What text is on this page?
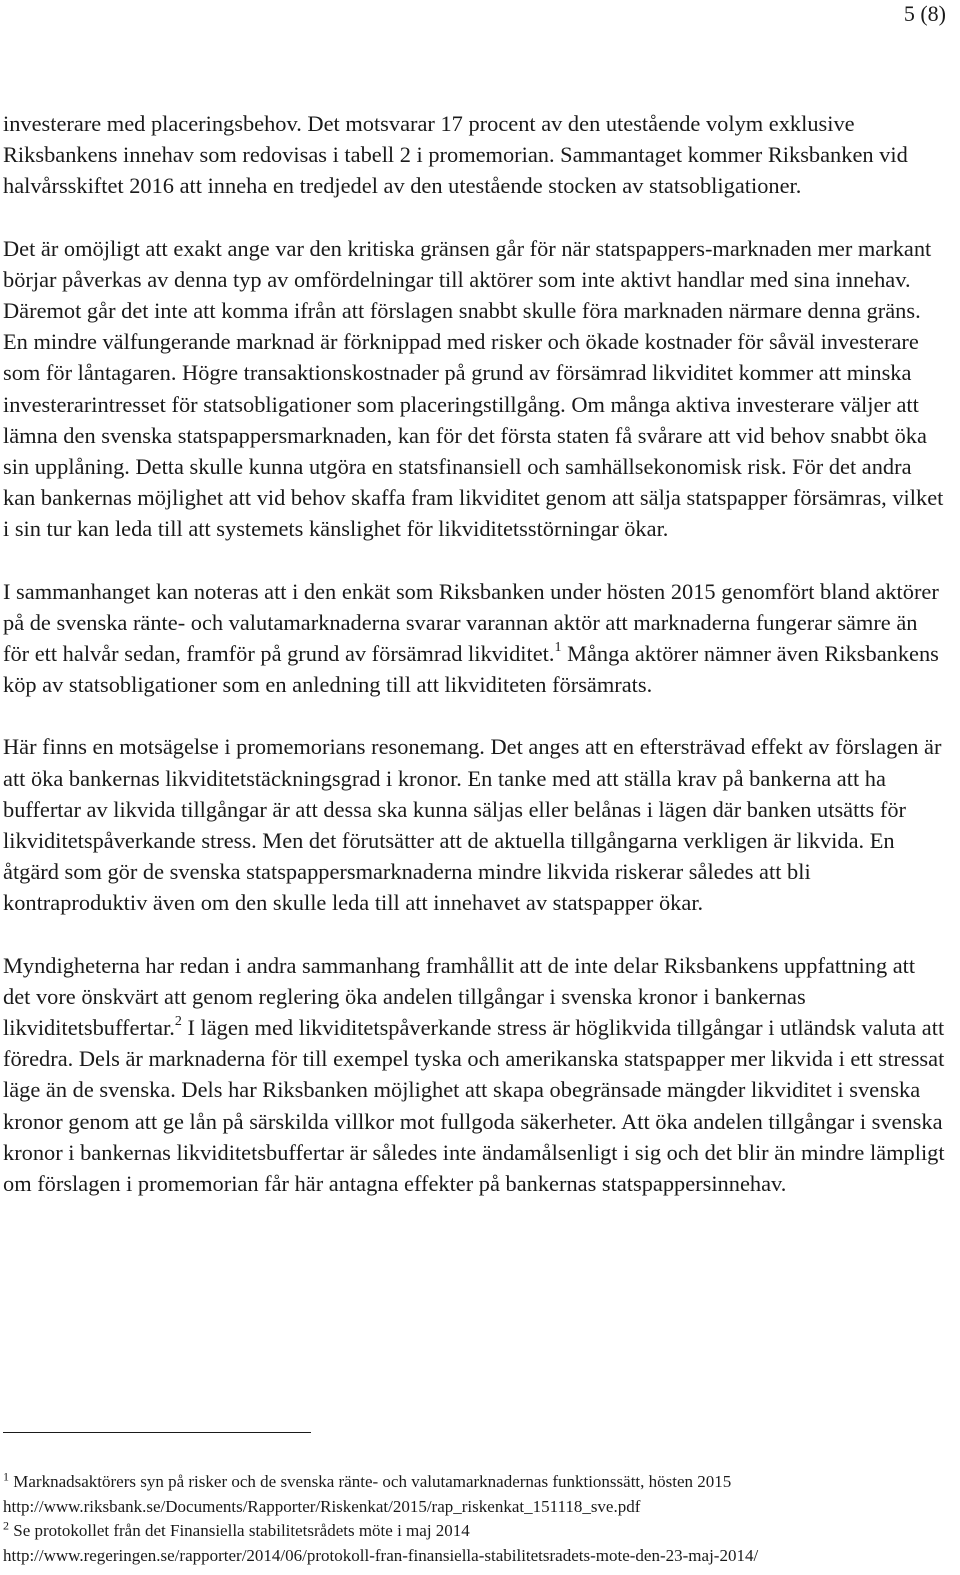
5 (8)

investerare med placeringsbehov. Det motsvarar 17 procent av den utestående volym exklusive Riksbankens innehav som redovisas i tabell 2 i promemorian. Sammantaget kommer Riksbanken vid halvårsskiftet 2016 att inneha en tredjedel av den utestående stocken av statsobligationer.

Det är omöjligt att exakt ange var den kritiska gränsen går för när statspappers-marknaden mer markant börjar påverkas av denna typ av omfördelningar till aktörer som inte aktivt handlar med sina innehav. Däremot går det inte att komma ifrån att förslagen snabbt skulle föra marknaden närmare denna gräns. En mindre välfungerande marknad är förknippad med risker och ökade kostnader för såväl investerare som för låntagaren. Högre transaktionskostnader på grund av försämrad likviditet kommer att minska investerarintresset för statsobligationer som placeringstillgång. Om många aktiva investerare väljer att lämna den svenska statspappersmarknaden, kan för det första staten få svårare att vid behov snabbt öka sin upplåning. Detta skulle kunna utgöra en statsfinansiell och samhällsekonomisk risk. För det andra kan bankernas möjlighet att vid behov skaffa fram likviditet genom att sälja statspapper försämras, vilket i sin tur kan leda till att systemets känslighet för likviditetsstörningar ökar.

I sammanhanget kan noteras att i den enkät som Riksbanken under hösten 2015 genomfört bland aktörer på de svenska ränte- och valutamarknaderna svarar varannan aktör att marknaderna fungerar sämre än för ett halvår sedan, framför på grund av försämrad likviditet.$^1$ Många aktörer nämner även Riksbankens köp av statsobligationer som en anledning till att likviditeten försämrats.

Här finns en motsägelse i promemorians resonemang. Det anges att en eftersträvad effekt av förslagen är att öka bankernas likviditetstäckningsgrad i kronor. En tanke med att ställa krav på bankerna att ha buffertar av likvida tillgångar är att dessa ska kunna säljas eller belånas i lägen där banken utsätts för likviditetspåverkande stress. Men det förutsätter att de aktuella tillgångarna verkligen är likvida. En åtgärd som gör de svenska statspappersmarknaderna mindre likvida riskerar således att bli kontraproduktiv även om den skulle leda till att innehavet av statspapper ökar.

Myndigheterna har redan i andra sammanhang framhållit att de inte delar Riksbankens uppfattning att det vore önskvärt att genom reglering öka andelen tillgångar i svenska kronor i bankernas likviditetsbuffertar.$^2$ I lägen med likviditetspåverkande stress är höglikvida tillgångar i utländsk valuta att föredra. Dels är marknaderna för till exempel tyska och amerikanska statspapper mer likvida i ett stressat läge än de svenska. Dels har Riksbanken möjlighet att skapa obegränsade mängder likviditet i svenska kronor genom att ge lån på särskilda villkor mot fullgoda säkerheter. Att öka andelen tillgångar i svenska kronor i bankernas likviditetsbuffertar är således inte ändamålsenligt i sig och det blir än mindre lämpligt om förslagen i promemorian får här antagna effekter på bankernas statspappersinnehav.

$^1$ Marknadsaktörers syn på risker och de svenska ränte- och valutamarknadernas funktionssätt, hösten 2015
http://www.riksbank.se/Documents/Rapporter/Riskenkat/2015/rap_riskenkat_151118_sve.pdf
$^2$ Se protokollet från det Finansiella stabilitetsrådets möte i maj 2014
http://www.regeringen.se/rapporter/2014/06/protokoll-fran-finansiella-stabilitetsradets-mote-den-23-maj-2014/
